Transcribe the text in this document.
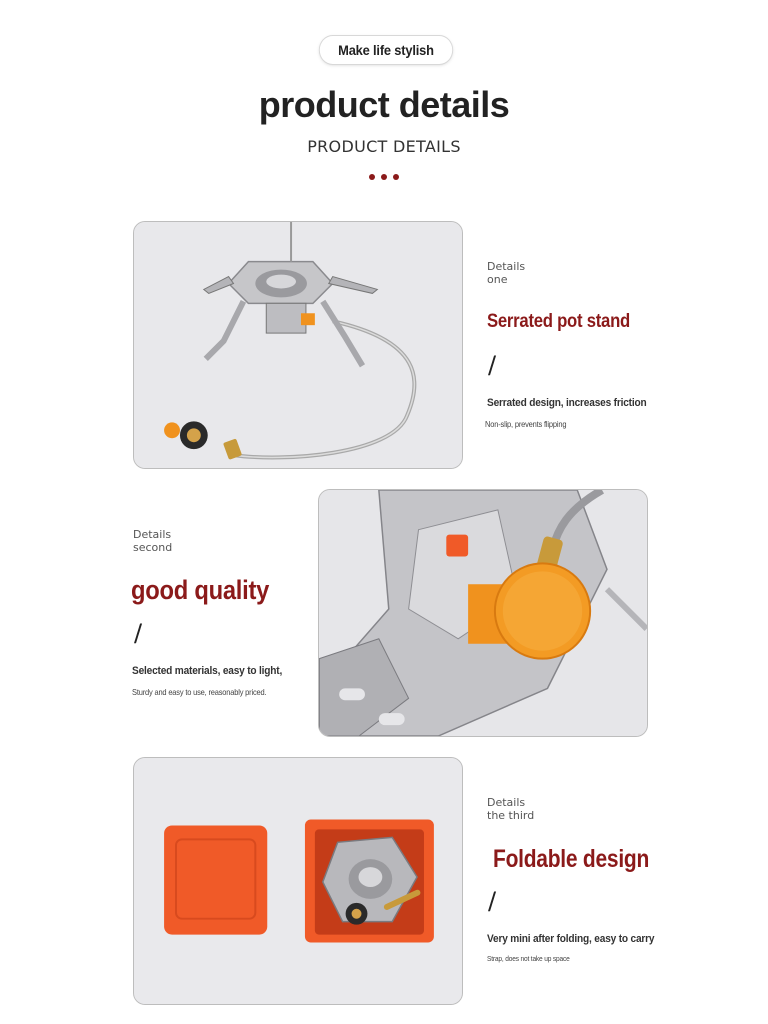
Make life stylish
product details
PRODUCT DETAILS
Details
one
Serrated pot stand
/
Serrated design, increases friction
Non-slip, prevents flipping
Details
second
good quality
/
Selected materials, easy to light,
Sturdy and easy to use, reasonably priced.
Details
the third
Foldable design
/
Very mini after folding, easy to carry
Strap, does not take up space
